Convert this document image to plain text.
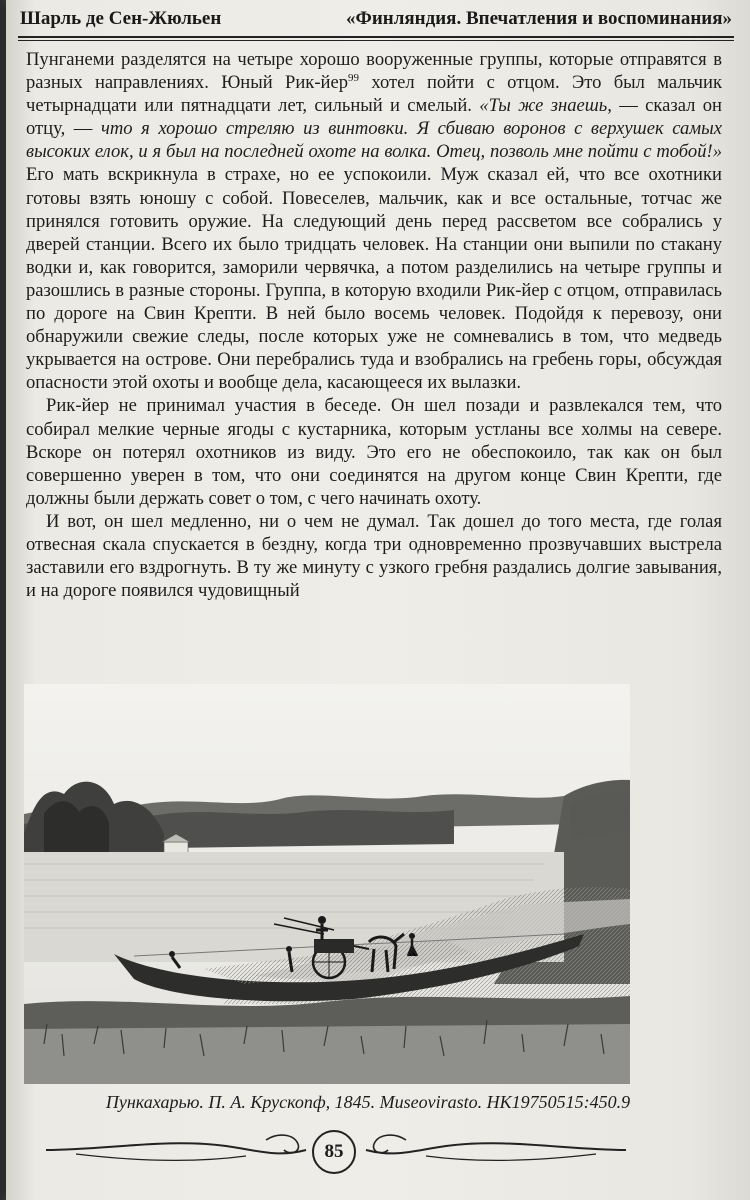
Шарль де Сен-Жюльен	«Финляндия. Впечатления и воспоминания»

Пунганеми разделятся на четыре хорошо вооруженные группы, которые отправятся в разных направлениях. Юный Рик-йер$^{99}$ хотел пойти с отцом. Это был мальчик четырнадцати или пятнадцати лет, сильный и смелый. «Ты же знаешь, — сказал он отцу, — что я хорошо стреляю из винтовки. Я сбиваю воронов с верхушек самых высоких елок, и я был на последней охоте на волка. Отец, позволь мне пойти с тобой!» Его мать вскрикнула в страхе, но ее успокоили. Муж сказал ей, что все охотники готовы взять юношу с собой. Повеселев, мальчик, как и все остальные, тотчас же принялся готовить оружие. На следующий день перед рассветом все собрались у дверей станции. Всего их было тридцать человек. На станции они выпили по стакану водки и, как говорится, заморили червячка, а потом разделились на четыре группы и разошлись в разные стороны. Группа, в которую входили Рик-йер с отцом, отправилась по дороге на Свин Крепти. В ней было восемь человек. Подойдя к перевозу, они обнаружили свежие следы, после которых уже не сомневались в том, что медведь укрывается на острове. Они перебрались туда и взобрались на гребень горы, обсуждая опасности этой охоты и вообще дела, касающееся их вылазки.

Рик-йер не принимал участия в беседе. Он шел позади и развлекался тем, что собирал мелкие черные ягоды с кустарника, которым устланы все холмы на севере. Вскоре он потерял охотников из виду. Это его не обеспокоило, так как он был совершенно уверен в том, что они соединятся на другом конце Свин Крепти, где должны были держать совет о том, с чего начинать охоту.

И вот, он шел медленно, ни о чем не думал. Так дошел до того места, где голая отвесная скала спускается в бездну, когда три одновременно прозвучавших выстрела заставили его вздрогнуть. В ту же минуту с узкого гребня раздались долгие завывания, и на дороге появился чудовищный

Пункахарью. П. А. Крускопф, 1845. Museovirasto. HK19750515:450.9
85
